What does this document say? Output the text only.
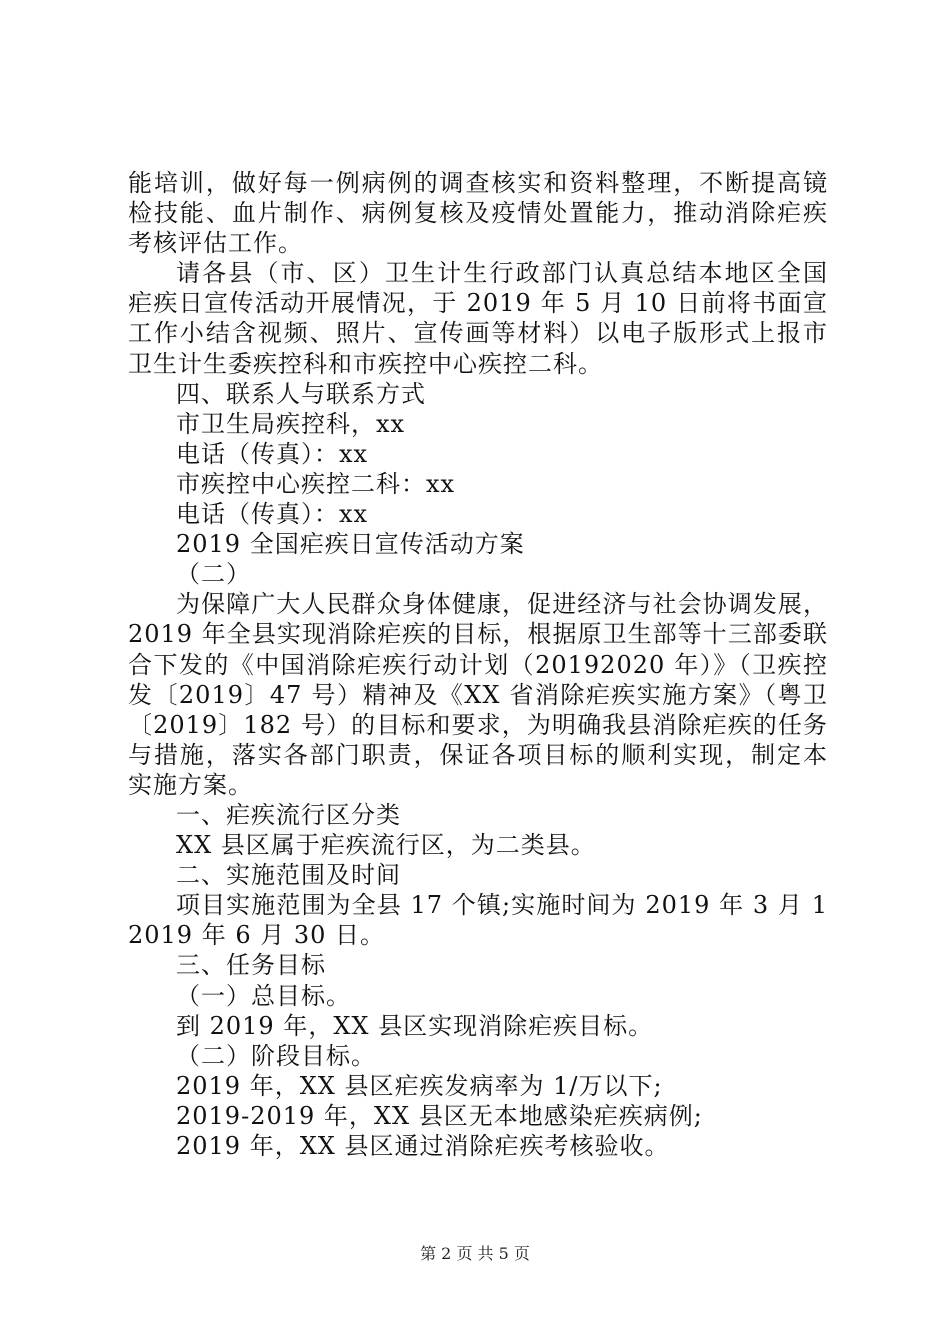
能培训，做好每一例病例的调查核实和资料整理，不断提高镜
检技能、血片制作、病例复核及疫情处置能力，推动消除疟疾
考核评估工作。
请各县（市、区）卫生计生行政部门认真总结本地区全国
疟疾日宣传活动开展情况，于 2019 年 5 月 10 日前将书面宣
工作小结含视频、照片、宣传画等材料）以电子版形式上报市
卫生计生委疾控科和市疾控中心疾控二科。
四、联系人与联系方式
市卫生局疾控科，xx
电话（传真）：xx
市疾控中心疾控二科：xx
电话（传真）：xx
2019 全国疟疾日宣传活动方案
（二）
为保障广大人民群众身体健康，促进经济与社会协调发展，
2019 年全县实现消除疟疾的目标，根据原卫生部等十三部委联
合下发的《中国消除疟疾行动计划（20192020 年）》（卫疾控
发〔2019〕47 号）精神及《XX 省消除疟疾实施方案》（粤卫
〔2019〕182 号）的目标和要求，为明确我县消除疟疾的任务
与措施，落实各部门职责，保证各项目标的顺利实现，制定本
实施方案。
一、疟疾流行区分类
XX 县区属于疟疾流行区，为二类县。
二、实施范围及时间
项目实施范围为全县 17 个镇;实施时间为 2019 年 3 月 1
2019 年 6 月 30 日。
三、任务目标
（一）总目标。
到 2019 年，XX 县区实现消除疟疾目标。
（二）阶段目标。
2019 年，XX 县区疟疾发病率为 1/万以下;
2019-2019 年，XX 县区无本地感染疟疾病例;
2019 年，XX 县区通过消除疟疾考核验收。
第 2 页 共 5 页
